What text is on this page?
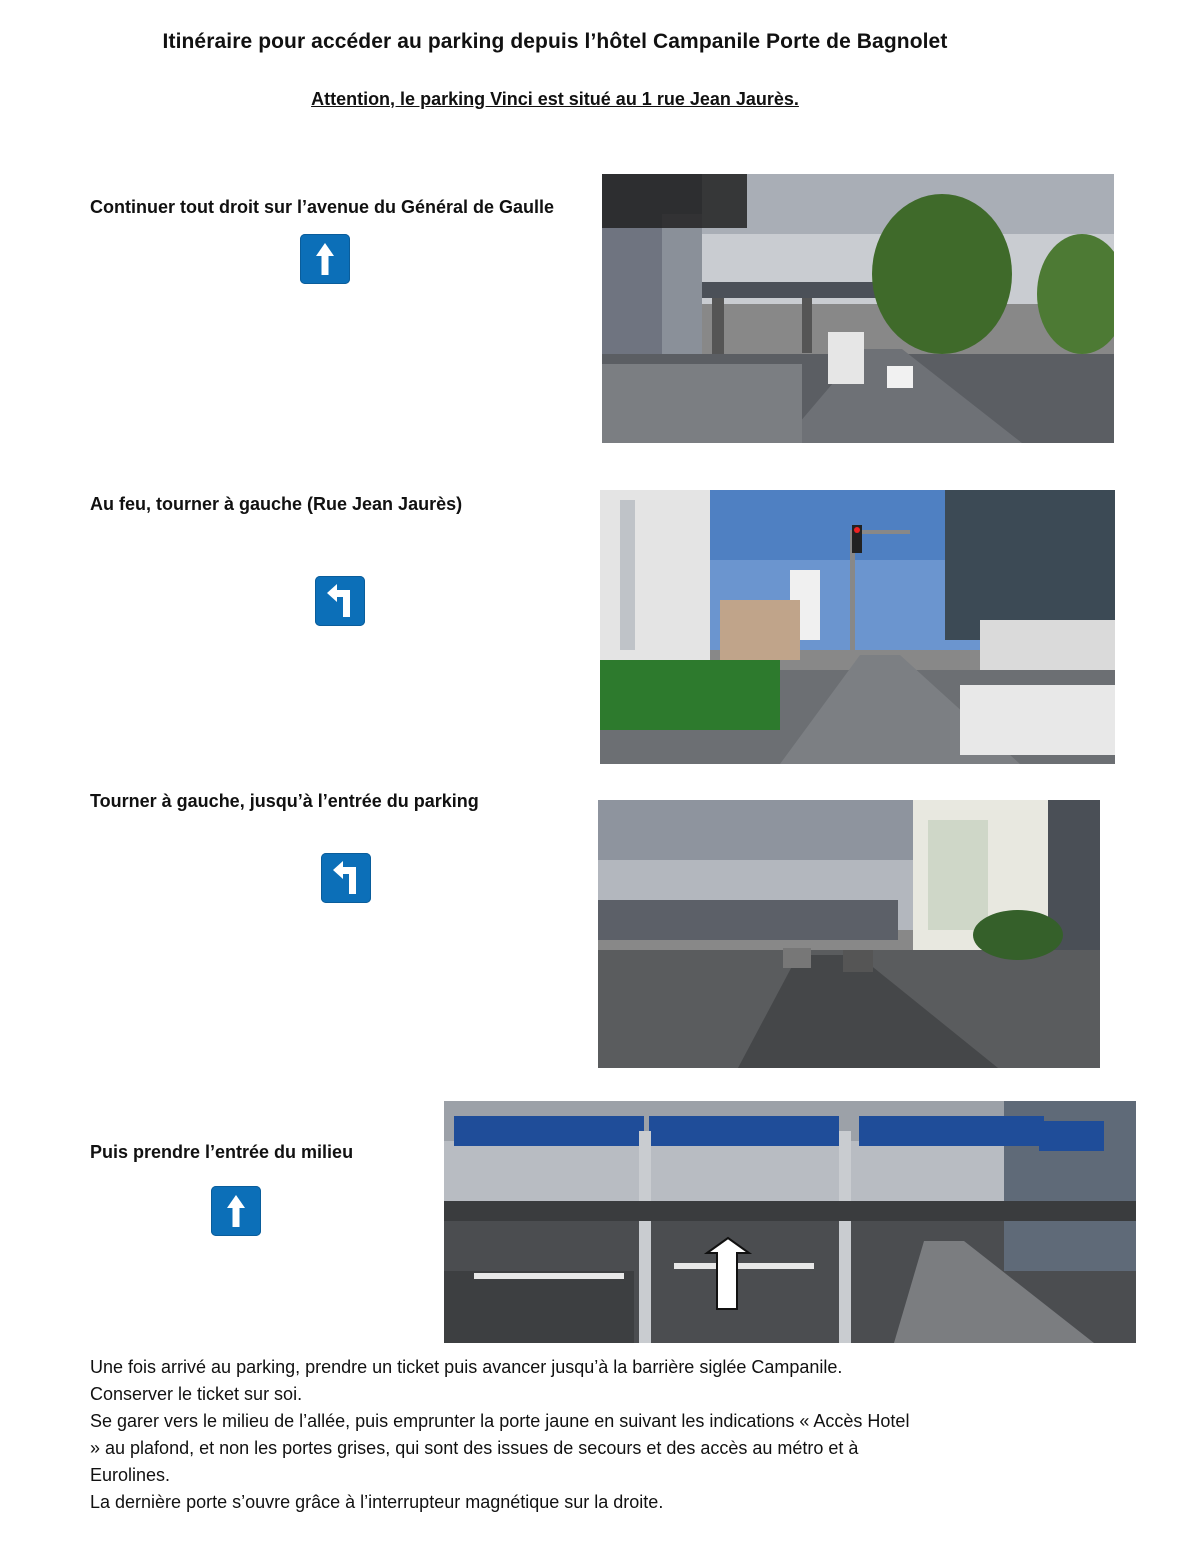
Itinéraire pour accéder au parking depuis l’hôtel Campanile Porte de Bagnolet
Attention, le parking Vinci est situé au 1 rue Jean Jaurès.
Continuer tout droit sur l’avenue du Général de Gaulle
Au feu, tourner à gauche (Rue Jean Jaurès)
Tourner à gauche, jusqu’à l’entrée du parking
Puis prendre l’entrée du milieu

Une fois arrivé au parking, prendre un ticket puis avancer jusqu’à la barrière siglée Campanile.

Conserver le ticket sur soi.

Se garer vers le milieu de l’allée, puis emprunter la porte jaune en suivant les indications « Accès Hotel

» au plafond, et non les portes grises, qui sont des issues de secours et des accès au métro et à

Eurolines.

La dernière porte s’ouvre grâce à l’interrupteur magnétique sur la droite.
